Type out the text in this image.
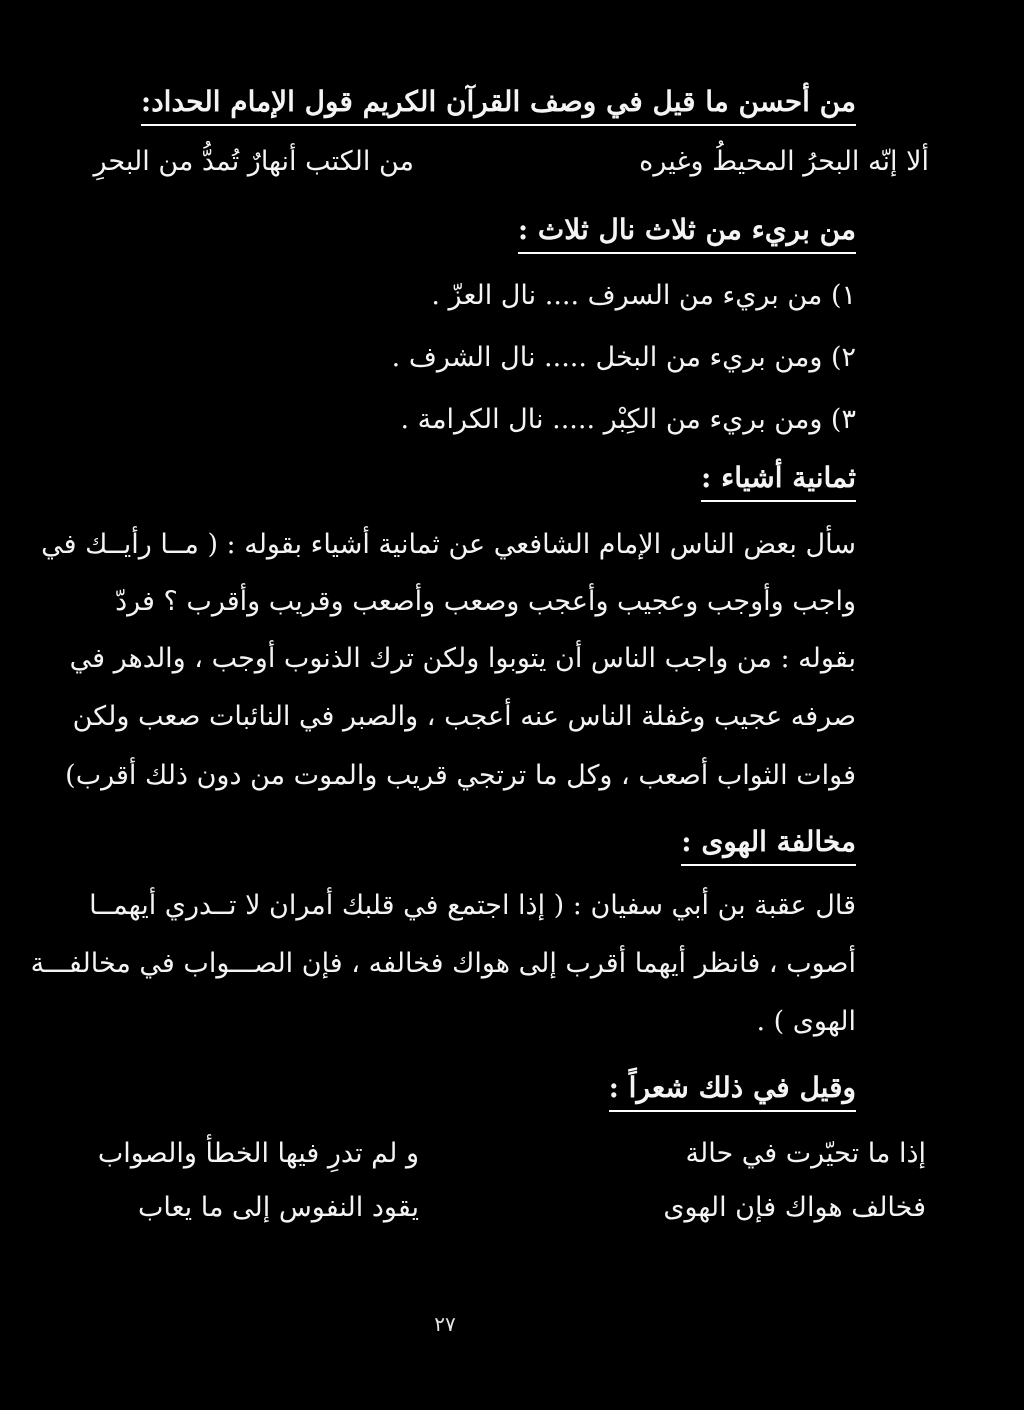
من أحسن ما قيل في وصف القرآن الكريم قول الإمام الحداد:
ألا إنّه البحرُ المحيطُ وغيره
من الكتب أنهارٌ تُمدُّ من البحرِ
من بريء من ثلاث نال ثلاث :
١) من بريء من السرف .... نال العزّ .
٢) ومن بريء من البخل ..... نال الشرف .
٣) ومن بريء من الكِبْر ..... نال الكرامة .
ثمانية أشياء :
سأل بعض الناس الإمام الشافعي عن ثمانية أشياء بقوله : ( مــا رأيــك في
واجب وأوجب وعجيب وأعجب وصعب وأصعب وقريب وأقرب ؟ فردّ
بقوله : من واجب الناس أن يتوبوا ولكن ترك الذنوب أوجب ، والدهر في
صرفه عجيب وغفلة الناس عنه أعجب ، والصبر في النائبات صعب ولكن
فوات الثواب أصعب ، وكل ما ترتجي قريب والموت من دون ذلك أقرب)
مخالفة الهوى :
قال عقبة بن أبي سفيان : ( إذا اجتمع في قلبك أمران لا تــدري أيهمــا
أصوب ، فانظر أيهما أقرب إلى هواك فخالفه ، فإن الصـــواب في مخالفـــة
الهوى ) .
وقيل في ذلك شعراً :
إذا ما تحيّرت في حالة
و لم تدرِ فيها الخطأ والصواب
فخالف هواك فإن الهوى
يقود النفوس إلى ما يعاب
٢٧
